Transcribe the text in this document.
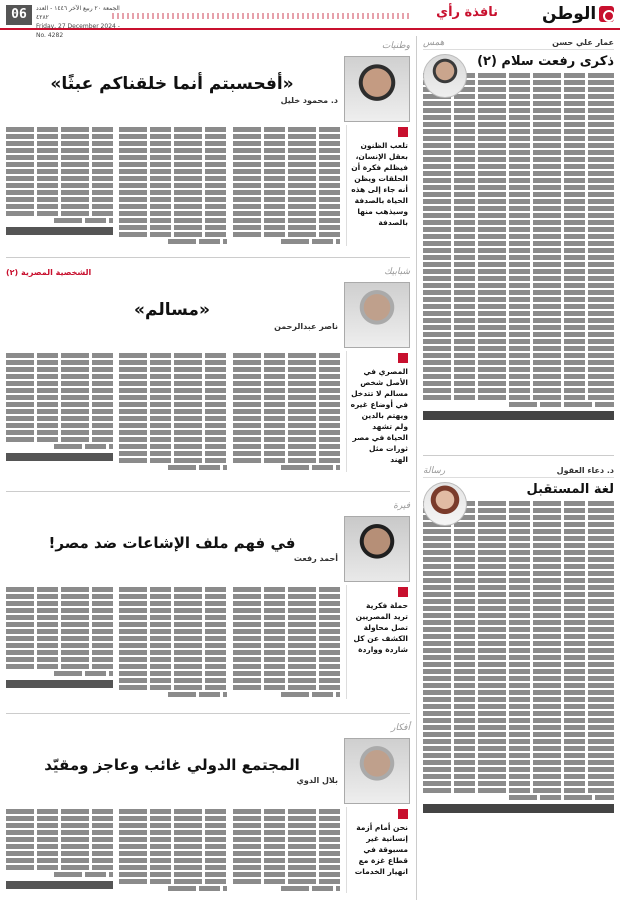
الوطن
نافذة رأي
الجمعة ٢٠ ربيع الآخر ١٤٤٦ - العدد ٤٢٨٢
Friday, 27 December 2024 - No. 4282
06
عمار علي حسن
همس
ذكرى رفعت سلام (٢)
د. دعاء العقول
رسالة
لغة المستقبل
وطنيات
«أفحسبتم أنما خلقناكم عبثًا»
د. محمود خليل
تلعب الظنون بعقل الإنسان، فيظلم فكرة أن الحلقات ويظن أنه جاء إلى هذه الحياة بالصدفة وسيذهب منها بالصدفة
شبابيك
الشخصية المصرية (٢)
«مسالم»
ناصر عبدالرحمن
المصري في الأصل شخص مسالم لا تتدخل في أوضاع غيره ويهتم بالدين ولم تشهد الحياة في مصر ثورات مثل الهند
فيرة
في فهم ملف الإشاعات ضد مصر!
أحمد رفعت
حملة فكرية تريد المصريين تصل محاولة الكشف عن كل شاردة وواردة
أفكار
المجتمع الدولي غائب وعاجز ومقيّد
بلال الدوي
نحن أمام أزمة إنسانية غير مسبوقة في قطاع غزة مع انهيار الخدمات
